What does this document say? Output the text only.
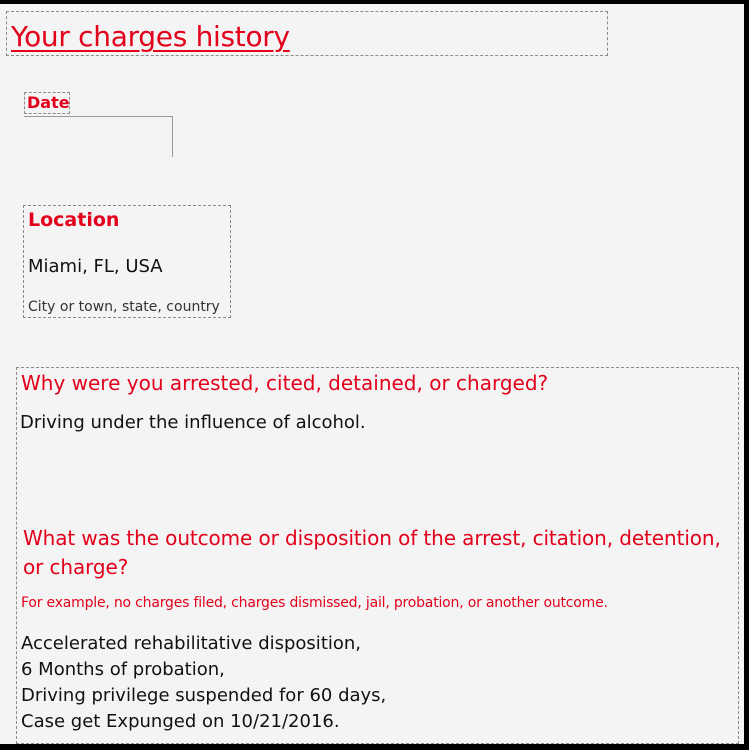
Your charges history
Date
Location
Miami, FL, USA
City or town, state, country
Why were you arrested, cited, detained, or charged?
Driving under the influence of alcohol.
What was the outcome or disposition of the arrest, citation, detention, or charge?
For example, no charges filed, charges dismissed, jail, probation, or another outcome.
Accelerated rehabilitative disposition,
6 Months of probation,
Driving privilege suspended for 60 days,
Case get Expunged on 10/21/2016.
